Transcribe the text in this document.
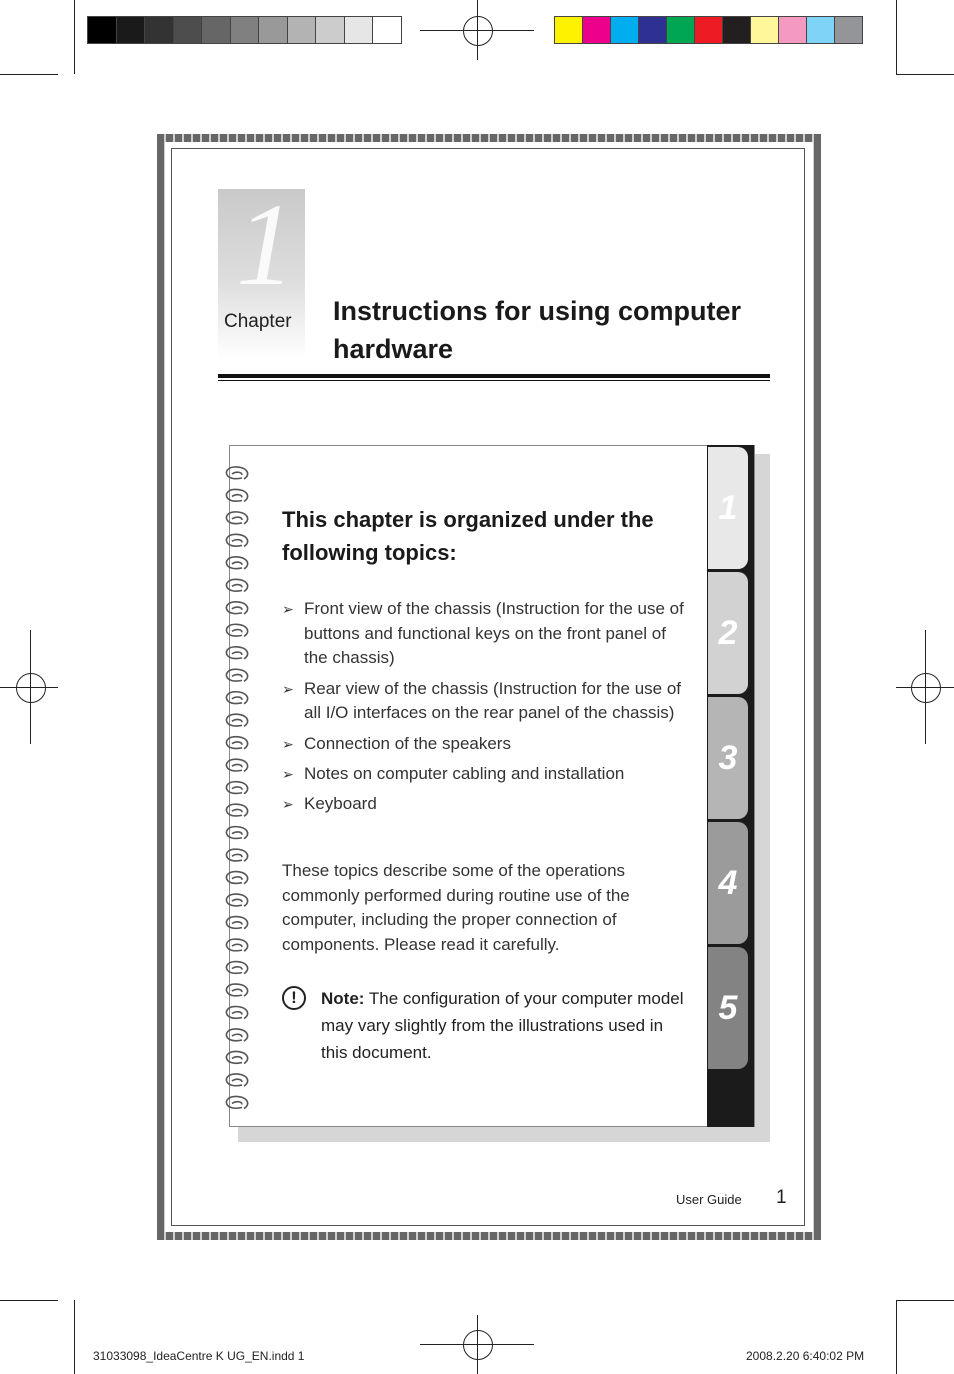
1
Chapter Instructions for using computer hardware
1
2
3
4
5
This chapter is organized under the following topics:
➢ Front view of the chassis (Instruction for the use of buttons and functional keys on the front panel of the chassis)
➢ Rear view of the chassis (Instruction for the use of all I/O interfaces on the rear panel of the chassis)
➢ Connection of the speakers
➢ Notes on computer cabling and installation
➢ Keyboard
These topics describe some of the operations commonly performed during routine use of the computer, including the proper connection of components. Please read it carefully.
!	Note: The configuration of your computer model may vary slightly from the illustrations used in this document.
User Guide 1
31033098_IdeaCentre K UG_EN.indd 1	2008.2.20 6:40:02 PM
